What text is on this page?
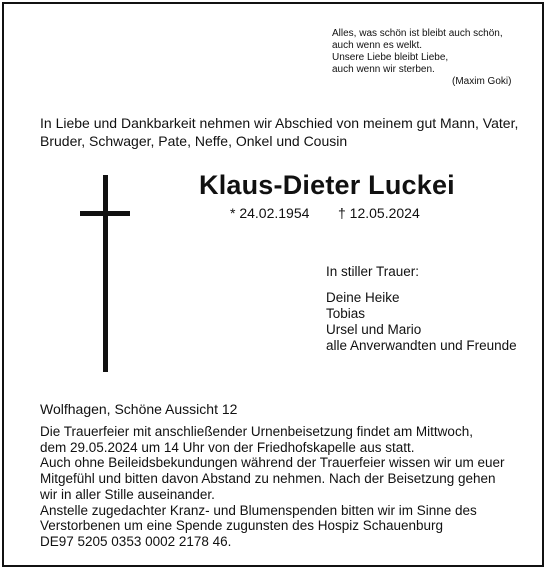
Alles, was schön ist bleibt auch schön,
auch wenn es welkt.
Unsere Liebe bleibt Liebe,
auch wenn wir sterben.
(Maxim Goki)
In Liebe und Dankbarkeit nehmen wir Abschied von meinem gut Mann, Vater,
Bruder, Schwager, Pate, Neffe, Onkel und Cousin
Klaus-Dieter Luckei
* 24.02.1954 † 12.05.2024
In stiller Trauer:
Deine Heike
Tobias
Ursel und Mario
alle Anverwandten und Freunde
Wolfhagen, Schöne Aussicht 12
Die Trauerfeier mit anschließender Urnenbeisetzung findet am Mittwoch,
dem 29.05.2024 um 14 Uhr von der Friedhofskapelle aus statt.
Auch ohne Beileidsbekundungen während der Trauerfeier wissen wir um euer
Mitgefühl und bitten davon Abstand zu nehmen. Nach der Beisetzung gehen
wir in aller Stille auseinander.
Anstelle zugedachter Kranz- und Blumenspenden bitten wir im Sinne des
Verstorbenen um eine Spende zugunsten des Hospiz Schauenburg
DE97 5205 0353 0002 2178 46.
